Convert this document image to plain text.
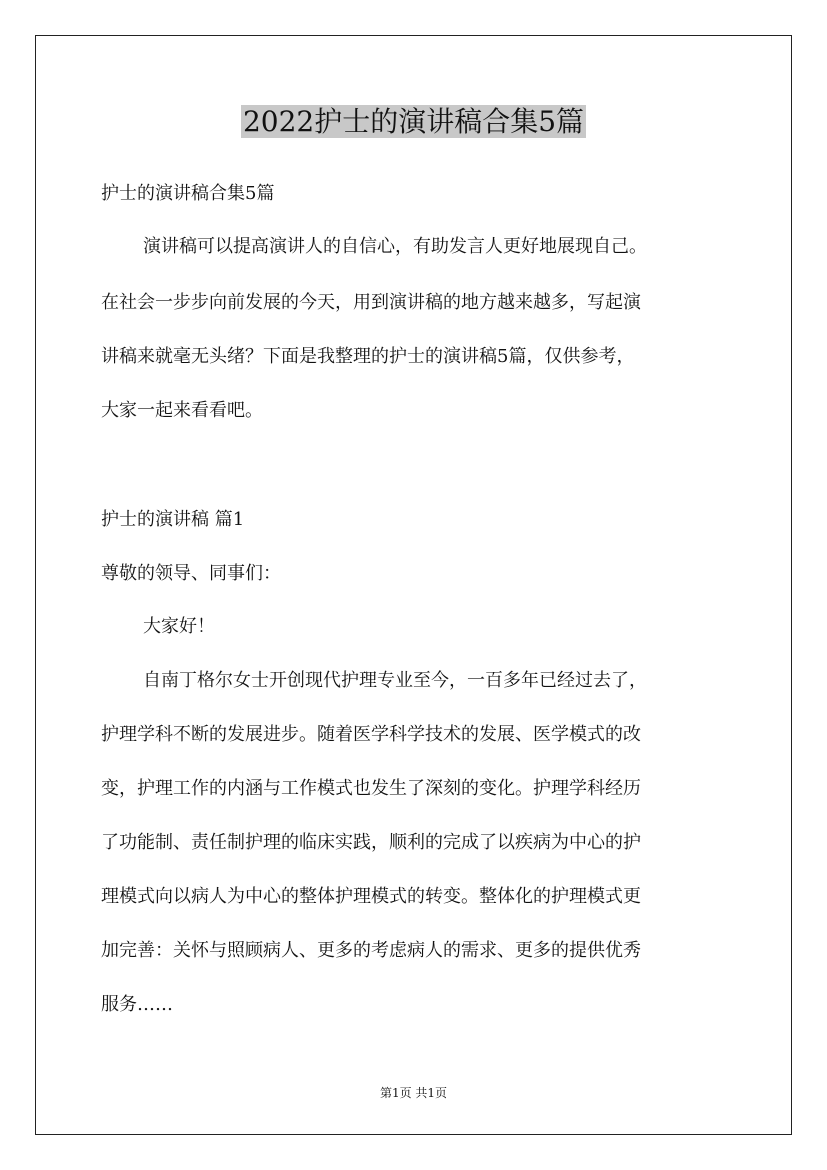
2022护士的演讲稿合集5篇
护士的演讲稿合集5篇
演讲稿可以提高演讲人的自信心，有助发言人更好地展现自己。
在社会一步步向前发展的今天，用到演讲稿的地方越来越多，写起演
讲稿来就毫无头绪？下面是我整理的护士的演讲稿5篇，仅供参考，
大家一起来看看吧。
护士的演讲稿 篇1
尊敬的领导、同事们：
大家好！
自南丁格尔女士开创现代护理专业至今，一百多年已经过去了，
护理学科不断的发展进步。随着医学科学技术的发展、医学模式的改
变，护理工作的内涵与工作模式也发生了深刻的变化。护理学科经历
了功能制、责任制护理的临床实践，顺利的完成了以疾病为中心的护
理模式向以病人为中心的整体护理模式的转变。整体化的护理模式更
加完善：关怀与照顾病人、更多的考虑病人的需求、更多的提供优秀
服务……
第1页 共1页
